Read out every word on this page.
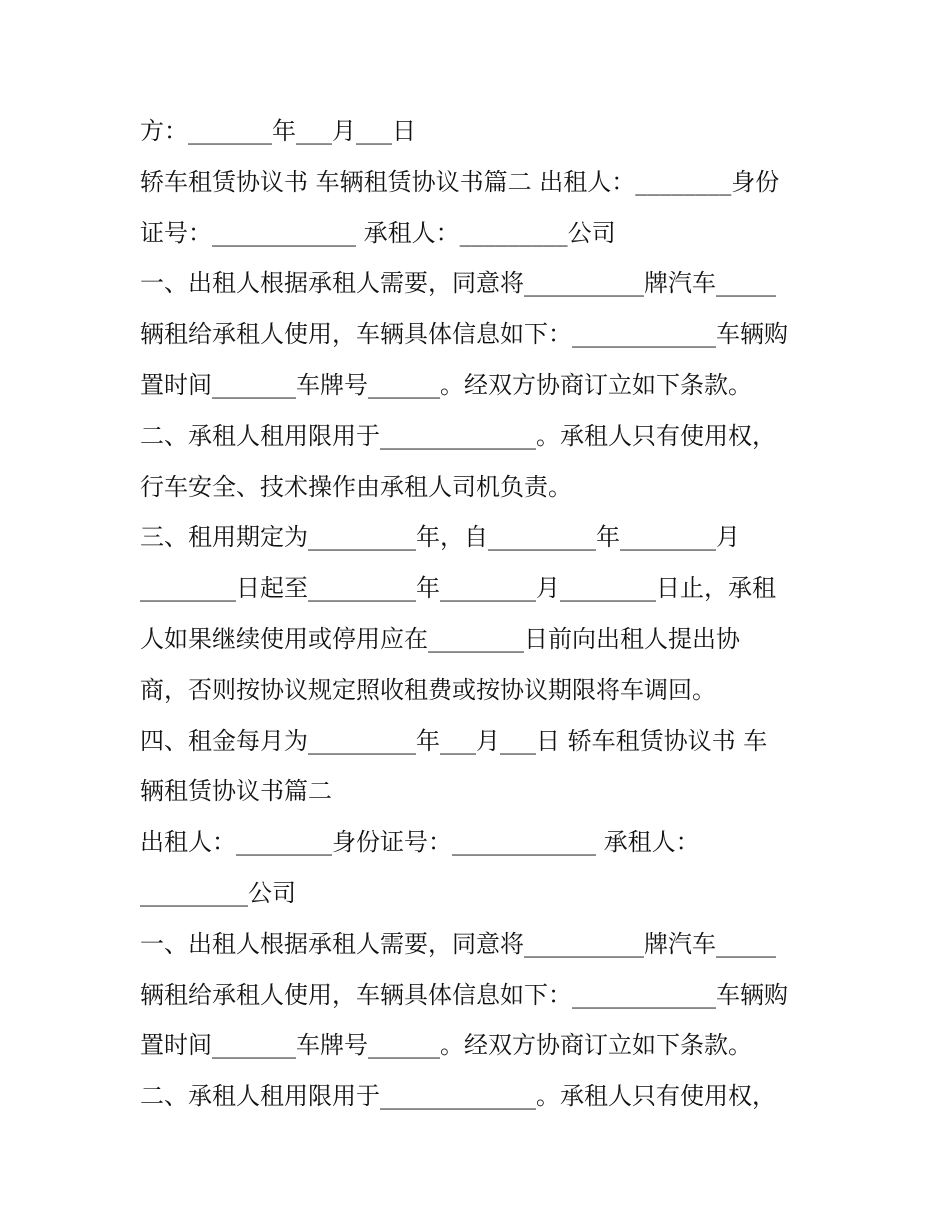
方：_______年___月___日
轿车租赁协议书 车辆租赁协议书篇二 出租人：________身份
证号：____________ 承租人：_________公司
一、出租人根据承租人需要，同意将__________牌汽车_____
辆租给承租人使用，车辆具体信息如下：____________车辆购
置时间_______车牌号______。经双方协商订立如下条款。
二、承租人租用限用于_____________。承租人只有使用权，
行车安全、技术操作由承租人司机负责。
三、租用期定为_________年，自_________年________月
________日起至_________年________月________日止，承租
人如果继续使用或停用应在________日前向出租人提出协
商，否则按协议规定照收租费或按协议期限将车调回。
四、租金每月为_________年___月___日 轿车租赁协议书 车
辆租赁协议书篇二
出租人：________身份证号：____________ 承租人：
_________公司
一、出租人根据承租人需要，同意将__________牌汽车_____
辆租给承租人使用，车辆具体信息如下：____________车辆购
置时间_______车牌号______。经双方协商订立如下条款。
二、承租人租用限用于_____________。承租人只有使用权，
